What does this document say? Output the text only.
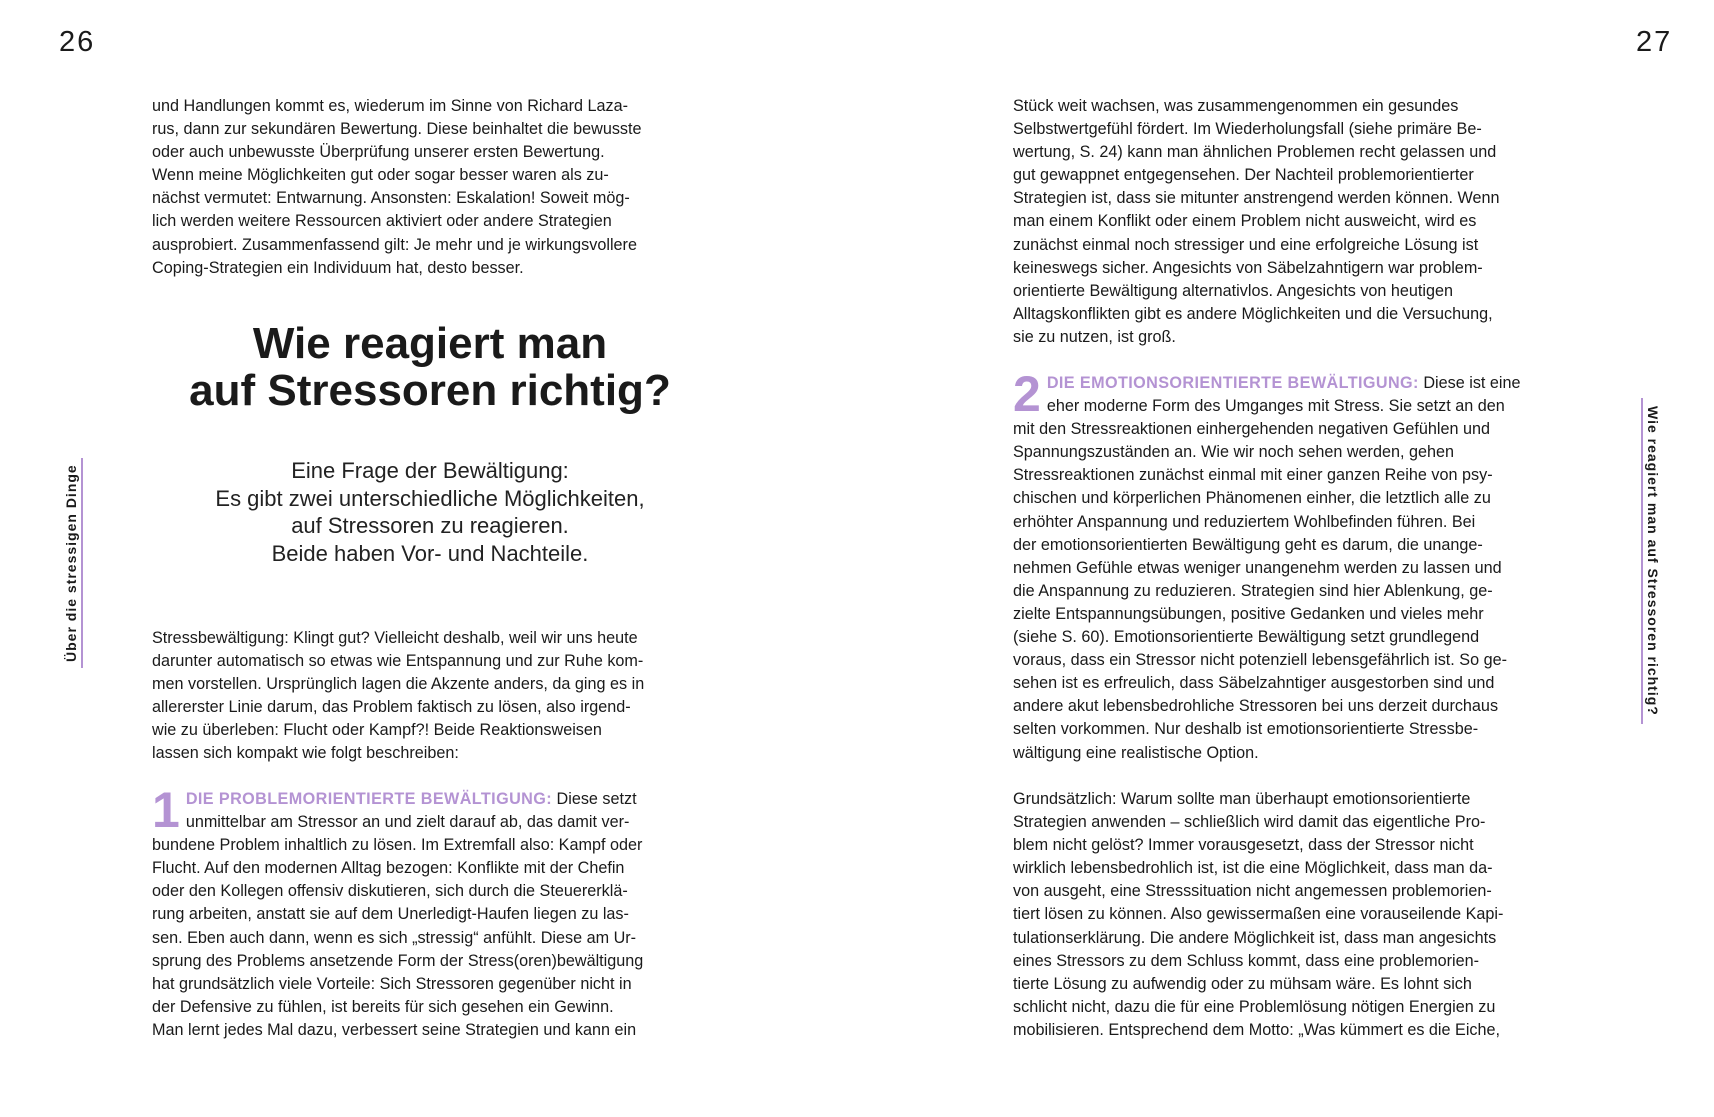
26	27
Über die stressigen Dinge	Wie reagiert man auf Stressoren richtig?

und Handlungen kommt es, wiederum im Sinne von Richard Laza-

rus, dann zur sekundären Bewertung. Diese beinhaltet die bewusste

oder auch unbewusste Überprüfung unserer ersten Bewertung.

Wenn meine Möglichkeiten gut oder sogar besser waren als zu-

nächst vermutet: Entwarnung. Ansonsten: Eskalation! Soweit mög-

lich werden weitere Ressourcen aktiviert oder andere Strategien

ausprobiert. Zusammenfassend gilt: Je mehr und je wirkungsvollere

Coping-Strategien ein Individuum hat, desto besser.

Wie reagiert man
auf Stressoren richtig?
Eine Frage der Bewältigung:
Es gibt zwei unterschiedliche Möglichkeiten,
auf Stressoren zu reagieren.
Beide haben Vor- und Nachteile.

Stressbewältigung: Klingt gut? Vielleicht deshalb, weil wir uns heute

darunter automatisch so etwas wie Entspannung und zur Ruhe kom-

men vorstellen. Ursprünglich lagen die Akzente anders, da ging es in

allererster Linie darum, das Problem faktisch zu lösen, also irgend-

wie zu überleben: Flucht oder Kampf?! Beide Reaktionsweisen

lassen sich kompakt wie folgt beschreiben:

1 DIE PROBLEMORIENTIERTE BEWÄLTIGUNG: Diese setzt

unmittelbar am Stressor an und zielt darauf ab, das damit ver-

bundene Problem inhaltlich zu lösen. Im Extremfall also: Kampf oder

Flucht. Auf den modernen Alltag bezogen: Konflikte mit der Chefin

oder den Kollegen offensiv diskutieren, sich durch die Steuererklä-

rung arbeiten, anstatt sie auf dem Unerledigt-Haufen liegen zu las-

sen. Eben auch dann, wenn es sich „stressig“ anfühlt. Diese am Ur-

sprung des Problems ansetzende Form der Stress(oren)bewältigung

hat grundsätzlich viele Vorteile: Sich Stressoren gegenüber nicht in

der Defensive zu fühlen, ist bereits für sich gesehen ein Gewinn.

Man lernt jedes Mal dazu, verbessert seine Strategien und kann ein

Stück weit wachsen, was zusammengenommen ein gesundes

Selbstwertgefühl fördert. Im Wiederholungsfall (siehe primäre Be-

wertung, S. 24) kann man ähnlichen Problemen recht gelassen und

gut gewappnet entgegensehen. Der Nachteil problemorientierter

Strategien ist, dass sie mitunter anstrengend werden können. Wenn

man einem Konflikt oder einem Problem nicht ausweicht, wird es

zunächst einmal noch stressiger und eine erfolgreiche Lösung ist

keineswegs sicher. Angesichts von Säbelzahntigern war problem-

orientierte Bewältigung alternativlos. Angesichts von heutigen

Alltagskonflikten gibt es andere Möglichkeiten und die Versuchung,

sie zu nutzen, ist groß.

2 DIE EMOTIONSORIENTIERTE BEWÄLTIGUNG: Diese ist eine

eher moderne Form des Umganges mit Stress. Sie setzt an den

mit den Stressreaktionen einhergehenden negativen Gefühlen und

Spannungszuständen an. Wie wir noch sehen werden, gehen

Stressreaktionen zunächst einmal mit einer ganzen Reihe von psy-

chischen und körperlichen Phänomenen einher, die letztlich alle zu

erhöhter Anspannung und reduziertem Wohlbefinden führen. Bei

der emotionsorientierten Bewältigung geht es darum, die unange-

nehmen Gefühle etwas weniger unangenehm werden zu lassen und

die Anspannung zu reduzieren. Strategien sind hier Ablenkung, ge-

zielte Entspannungsübungen, positive Gedanken und vieles mehr

(siehe S. 60). Emotionsorientierte Bewältigung setzt grundlegend

voraus, dass ein Stressor nicht potenziell lebensgefährlich ist. So ge-

sehen ist es erfreulich, dass Säbelzahntiger ausgestorben sind und

andere akut lebensbedrohliche Stressoren bei uns derzeit durchaus

selten vorkommen. Nur deshalb ist emotionsorientierte Stressbe-

wältigung eine realistische Option.

Grundsätzlich: Warum sollte man überhaupt emotionsorientierte

Strategien anwenden – schließlich wird damit das eigentliche Pro-

blem nicht gelöst? Immer vorausgesetzt, dass der Stressor nicht

wirklich lebensbedrohlich ist, ist die eine Möglichkeit, dass man da-

von ausgeht, eine Stresssituation nicht angemessen problemorien-

tiert lösen zu können. Also gewissermaßen eine vorauseilende Kapi-

tulationserklärung. Die andere Möglichkeit ist, dass man angesichts

eines Stressors zu dem Schluss kommt, dass eine problemorien-

tierte Lösung zu aufwendig oder zu mühsam wäre. Es lohnt sich

schlicht nicht, dazu die für eine Problemlösung nötigen Energien zu

mobilisieren. Entsprechend dem Motto: „Was kümmert es die Eiche,
